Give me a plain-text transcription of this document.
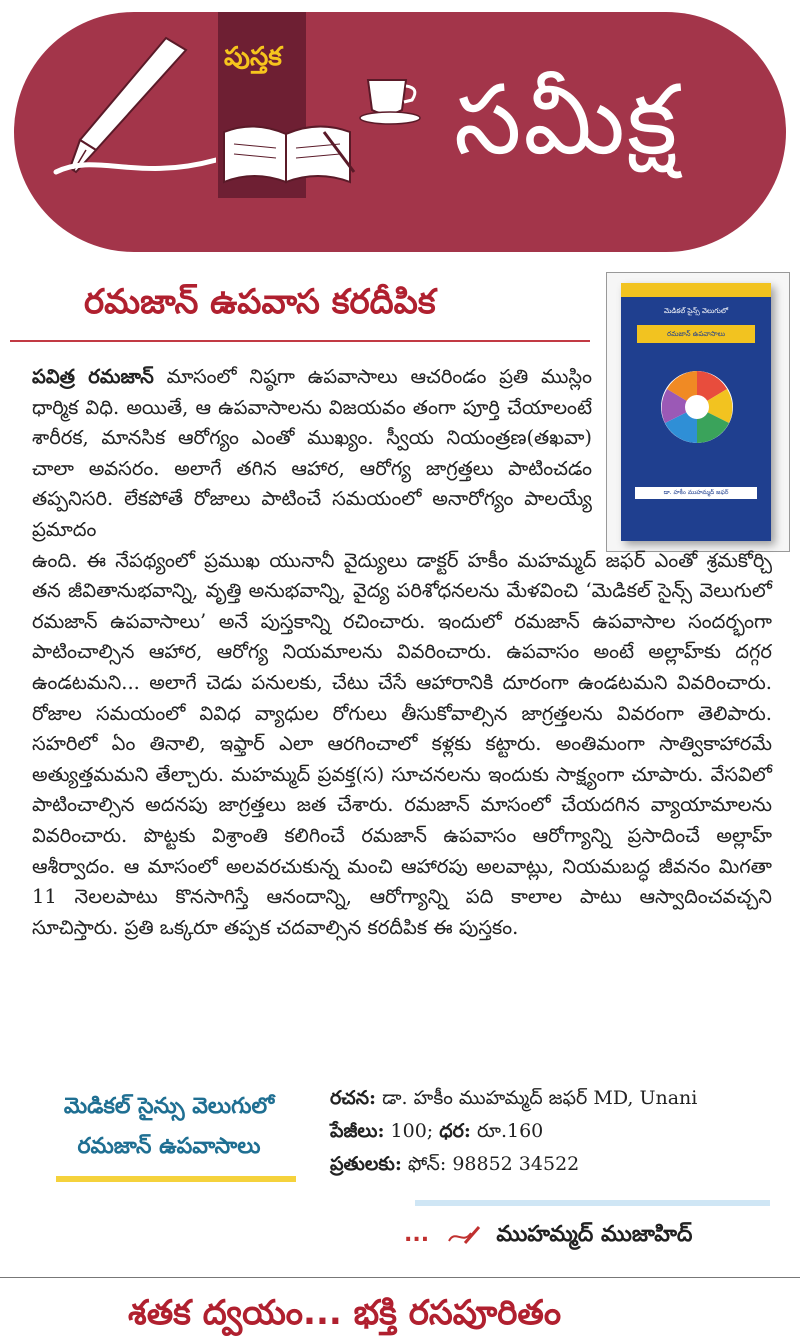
పుస్తక
సమీక్ష
రమజాన్ ఉపవాస కరదీపిక	మెడికల్ సైన్స్ వెలుగులో
రమజాన్ ఉపవాసాలు
డా. హకీం ముహమ్మద్ జఫర్

పవిత్ర రమజాన్ మాసంలో నిష్ఠగా ఉపవాసాలు ఆచరిండం ప్రతి ముస్లిం ధార్మిక విధి. అయితే, ఆ ఉపవాసాలను విజయవం తంగా పూర్తి చేయాలంటే శారీరక, మానసిక ఆరోగ్యం ఎంతో ముఖ్యం. స్వీయ నియంత్రణ(తఖవా) చాలా అవసరం. అలాగే తగిన ఆహార, ఆరోగ్య జాగ్రత్తలు పాటించడం తప్పనిసరి. లేకపోతే రోజాలు పాటించే సమయంలో అనారోగ్యం పాలయ్యే ప్రమాదం

ఉంది. ఈ నేపథ్యంలో ప్రముఖ యునానీ వైద్యులు డాక్టర్ హకీం మహమ్మద్ జఫర్ ఎంతో శ్రమకోర్చి తన జీవితానుభవాన్ని, వృత్తి అనుభవాన్ని, వైద్య పరిశోధనలను మేళవించి ‘మెడికల్ సైన్స్ వెలుగులో రమజాన్ ఉపవాసాలు’ అనే పుస్తకాన్ని రచించారు. ఇందులో రమజాన్ ఉపవాసాల సందర్భంగా పాటించాల్సిన ఆహార, ఆరోగ్య నియమాలను వివరించారు. ఉపవాసం అంటే అల్లాహ్‌కు దగ్గర ఉండటమని... అలాగే చెడు పనులకు, చేటు చేసే ఆహారానికి దూరంగా ఉండటమని వివరించారు. రోజాల సమయంలో వివిధ వ్యాధుల రోగులు తీసుకోవాల్సిన జాగ్రత్తలను వివరంగా తెలిపారు. సహరిలో ఏం తినాలి, ఇఫ్తార్ ఎలా ఆరగించాలో కళ్లకు కట్టారు. అంతిమంగా సాత్వికాహారమే అత్యుత్తమమని తేల్చారు. మహమ్మద్ ప్రవక్త(స) సూచనలను ఇందుకు సాక్ష్యంగా చూపారు. వేసవిలో పాటించాల్సిన అదనపు జాగ్రత్తలు జత చేశారు. రమజాన్ మాసంలో చేయదగిన వ్యాయామాలను వివరించారు. పొట్టకు విశ్రాంతి కలిగించే రమజాన్ ఉపవాసం ఆరోగ్యాన్ని ప్రసాదించే అల్లాహ్ ఆశీర్వాదం. ఆ మాసంలో అలవరచుకున్న మంచి ఆహారపు అలవాట్లు, నియమబద్ధ జీవనం మిగతా 11 నెలలపాటు కొనసాగిస్తే ఆనందాన్ని, ఆరోగ్యాన్ని పది కాలాల పాటు ఆస్వాదించవచ్చని సూచిస్తారు. ప్రతి ఒక్కరూ తప్పక చదవాల్సిన కరదీపిక ఈ పుస్తకం.

మెడికల్ సైన్సు వెలుగులో
రమజాన్ ఉపవాసాలు
రచన: డా. హకీం ముహమ్మద్ జఫర్ MD, Unani
పేజీలు: 100; ధర: రూ.160
ప్రతులకు: ఫోన్: 98852 34522
...	ముహమ్మద్ ముజాహిద్
శతక ద్వయం... భక్తి రసపూరితం
